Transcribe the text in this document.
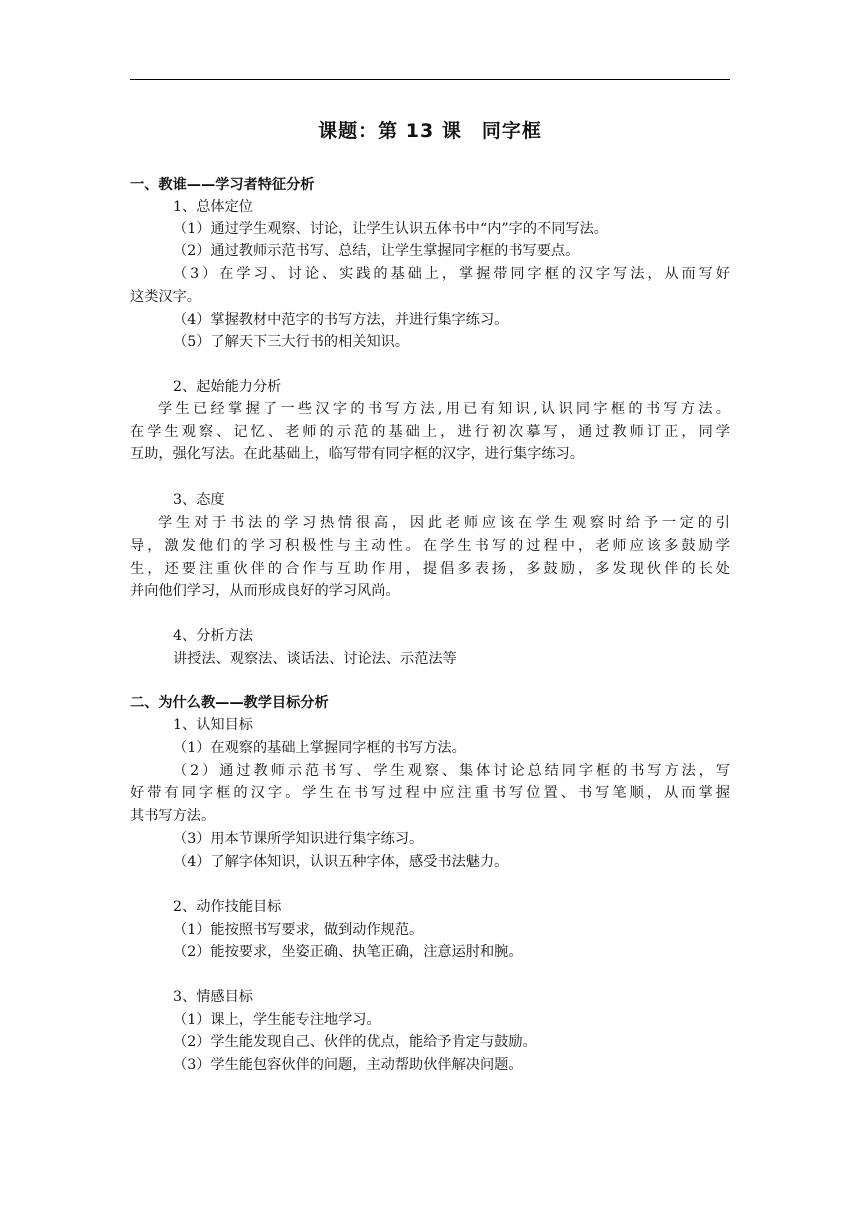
课题：第 13 课　同字框
一、教谁——学习者特征分析
1、总体定位
（1）通过学生观察、讨论，让学生认识五体书中“内”字的不同写法。
（2）通过教师示范书写、总结，让学生掌握同字框的书写要点。
（3）在学习、讨论、实践的基础上，掌握带同字框的汉字写法，从而写好
这类汉字。
（4）掌握教材中范字的书写方法，并进行集字练习。
（5）了解天下三大行书的相关知识。
2、起始能力分析
学生已经掌握了一些汉字的书写方法,用已有知识,认识同字框的书写方法。
在学生观察、记忆、老师的示范的基础上，进行初次摹写，通过教师订正，同学
互助，强化写法。在此基础上，临写带有同字框的汉字，进行集字练习。
3、态度
学生对于书法的学习热情很高，因此老师应该在学生观察时给予一定的引
导，激发他们的学习积极性与主动性。在学生书写的过程中，老师应该多鼓励学
生，还要注重伙伴的合作与互助作用，提倡多表扬，多鼓励，多发现伙伴的长处
并向他们学习，从而形成良好的学习风尚。
4、分析方法
讲授法、观察法、谈话法、讨论法、示范法等
二、为什么教——教学目标分析
1、认知目标
（1）在观察的基础上掌握同字框的书写方法。
（2）通过教师示范书写、学生观察、集体讨论总结同字框的书写方法，写
好带有同字框的汉字。学生在书写过程中应注重书写位置、书写笔顺，从而掌握
其书写方法。
（3）用本节课所学知识进行集字练习。
（4）了解字体知识，认识五种字体，感受书法魅力。
2、动作技能目标
（1）能按照书写要求，做到动作规范。
（2）能按要求，坐姿正确、执笔正确，注意运肘和腕。
3、情感目标
（1）课上，学生能专注地学习。
（2）学生能发现自己、伙伴的优点，能给予肯定与鼓励。
（3）学生能包容伙伴的问题，主动帮助伙伴解决问题。
